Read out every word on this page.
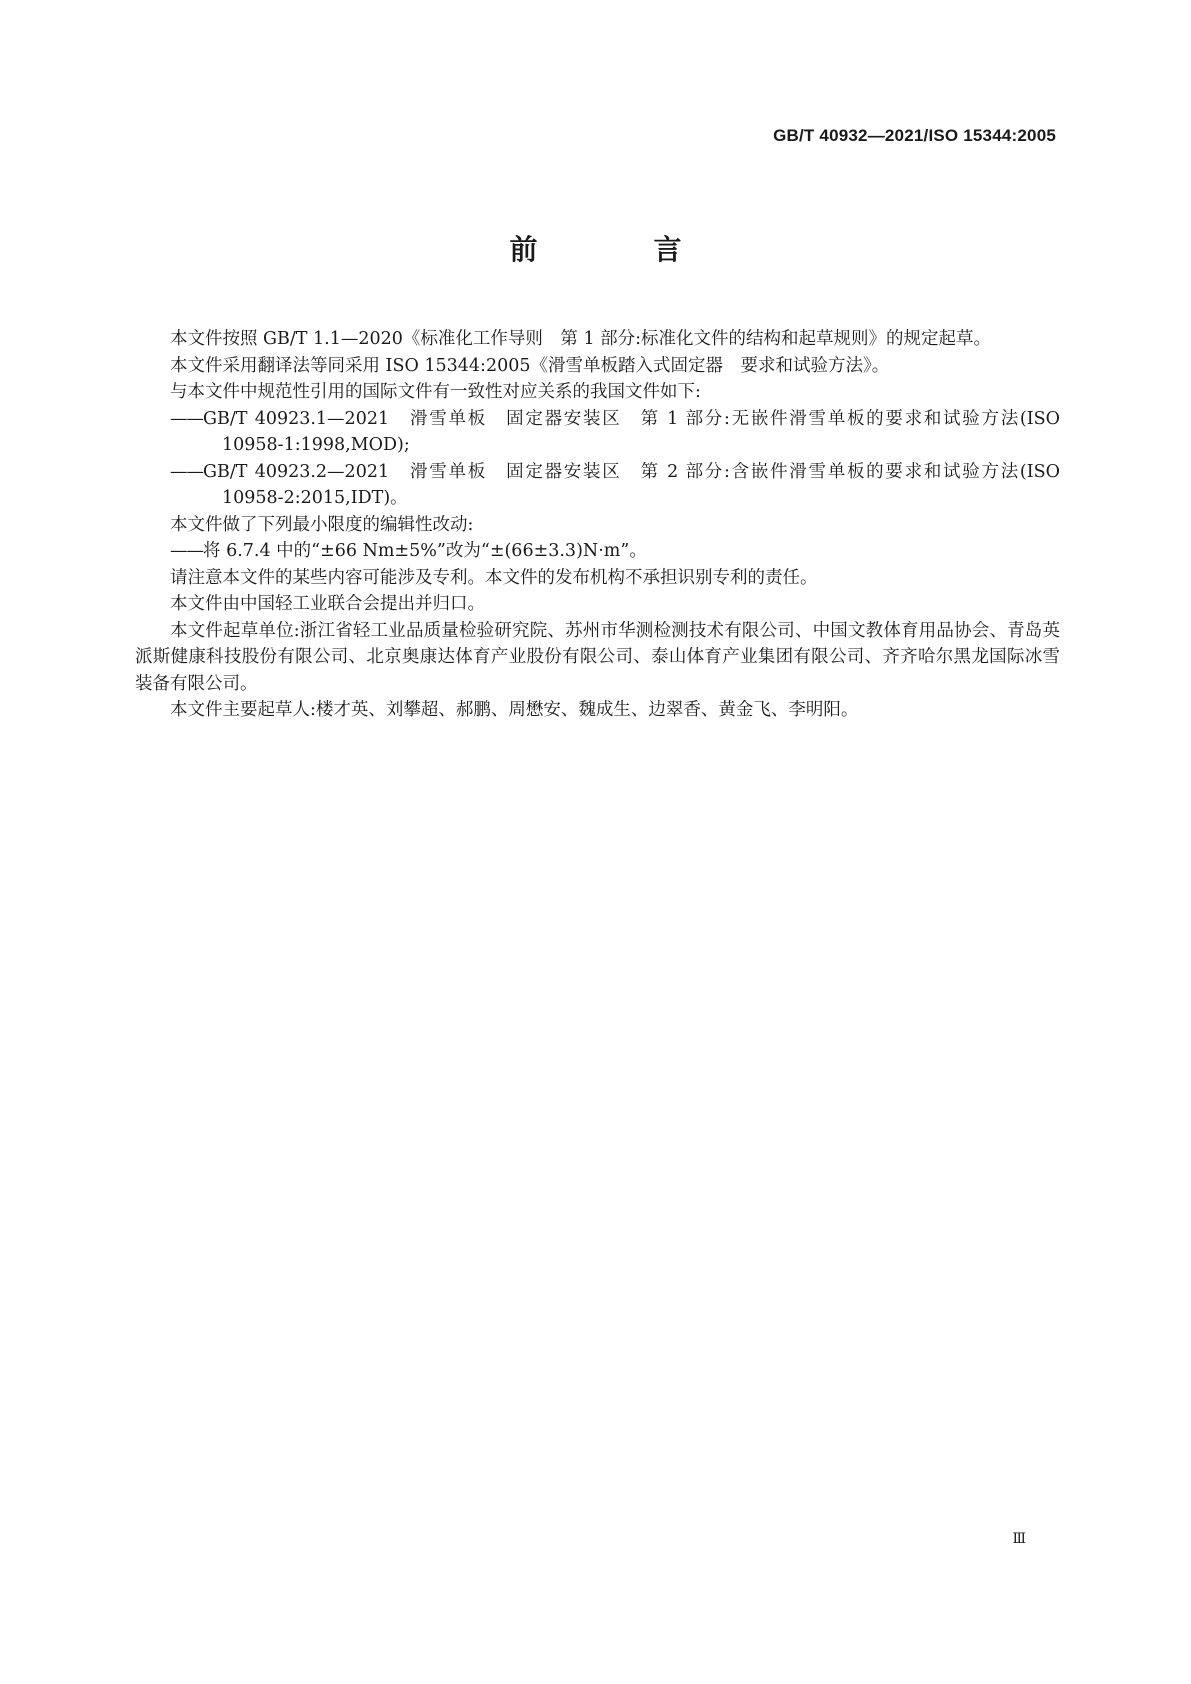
GB/T 40932—2021/ISO 15344:2005
前　言

本文件按照 GB/T 1.1—2020《标准化工作导则　第 1 部分:标准化文件的结构和起草规则》的规定起草。

本文件采用翻译法等同采用 ISO 15344:2005《滑雪单板踏入式固定器　要求和试验方法》。

与本文件中规范性引用的国际文件有一致性对应关系的我国文件如下:

——GB/T 40923.1—2021　滑雪单板　固定器安装区　第 1 部分:无嵌件滑雪单板的要求和试验方法(ISO 10958-1:1998,MOD);

——GB/T 40923.2—2021　滑雪单板　固定器安装区　第 2 部分:含嵌件滑雪单板的要求和试验方法(ISO 10958-2:2015,IDT)。

本文件做了下列最小限度的编辑性改动:

——将 6.7.4 中的“±66 Nm±5%”改为“±(66±3.3)N·m”。

请注意本文件的某些内容可能涉及专利。本文件的发布机构不承担识别专利的责任。

本文件由中国轻工业联合会提出并归口。

本文件起草单位:浙江省轻工业品质量检验研究院、苏州市华测检测技术有限公司、中国文教体育用品协会、青岛英派斯健康科技股份有限公司、北京奥康达体育产业股份有限公司、泰山体育产业集团有限公司、齐齐哈尔黑龙国际冰雪装备有限公司。

本文件主要起草人:楼才英、刘攀超、郝鹏、周懋安、魏成生、边翠香、黄金飞、李明阳。

Ⅲ
